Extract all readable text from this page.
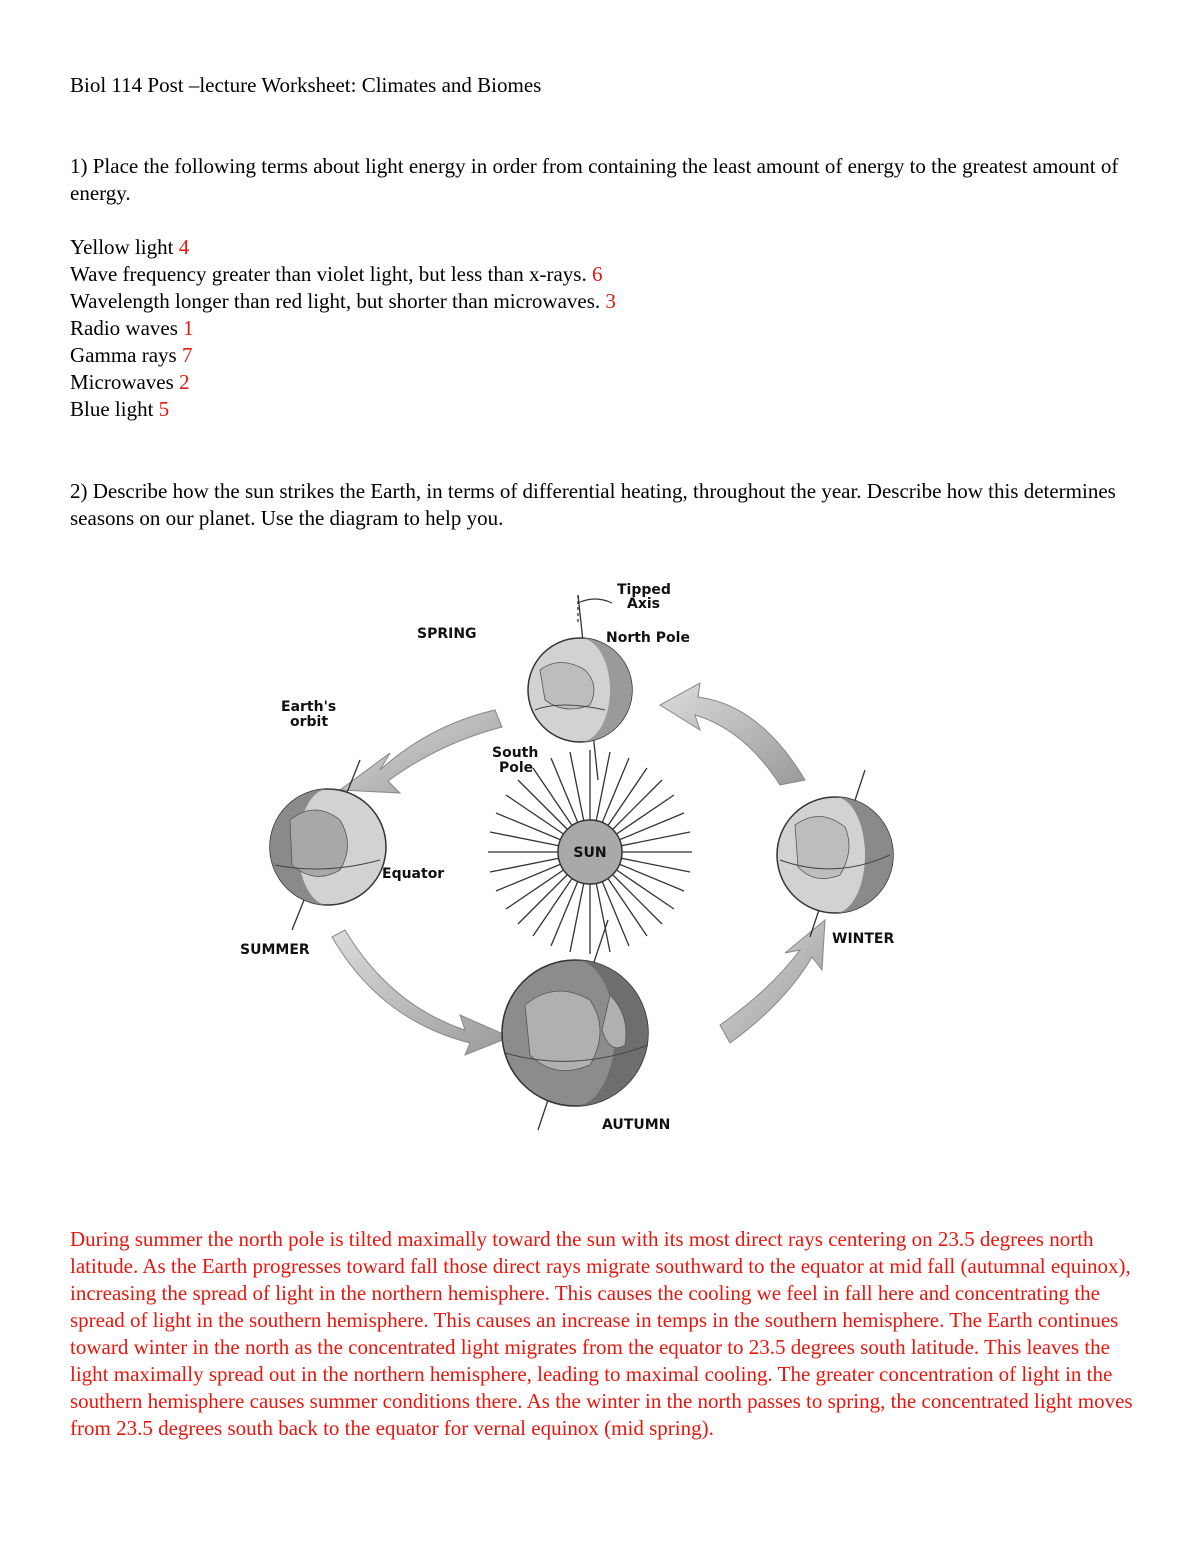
Biol 114 Post –lecture Worksheet: Climates and Biomes
1) Place the following terms about light energy in order from containing the least amount of energy to the greatest amount of energy.
Yellow light 4
Wave frequency greater than violet light, but less than x-rays. 6
Wavelength longer than red light, but shorter than microwaves. 3
Radio waves 1
Gamma rays 7
Microwaves 2
Blue light 5
2) Describe how the sun strikes the Earth, in terms of differential heating, throughout the year. Describe how this determines seasons on our planet. Use the diagram to help you.
SUN
Tipped
Axis
North Pole
SPRING
Earth's
orbit
South
Pole
Equator
SUMMER
WINTER
AUTUMN
During summer the north pole is tilted maximally toward the sun with its most direct rays centering on 23.5 degrees north latitude. As the Earth progresses toward fall those direct rays migrate southward to the equator at mid fall (autumnal equinox), increasing the spread of light in the northern hemisphere. This causes the cooling we feel in fall here and concentrating the spread of light in the southern hemisphere. This causes an increase in temps in the southern hemisphere. The Earth continues toward winter in the north as the concentrated light migrates from the equator to 23.5 degrees south latitude. This leaves the light maximally spread out in the northern hemisphere, leading to maximal cooling. The greater concentration of light in the southern hemisphere causes summer conditions there. As the winter in the north passes to spring, the concentrated light moves from 23.5 degrees south back to the equator for vernal equinox (mid spring).
